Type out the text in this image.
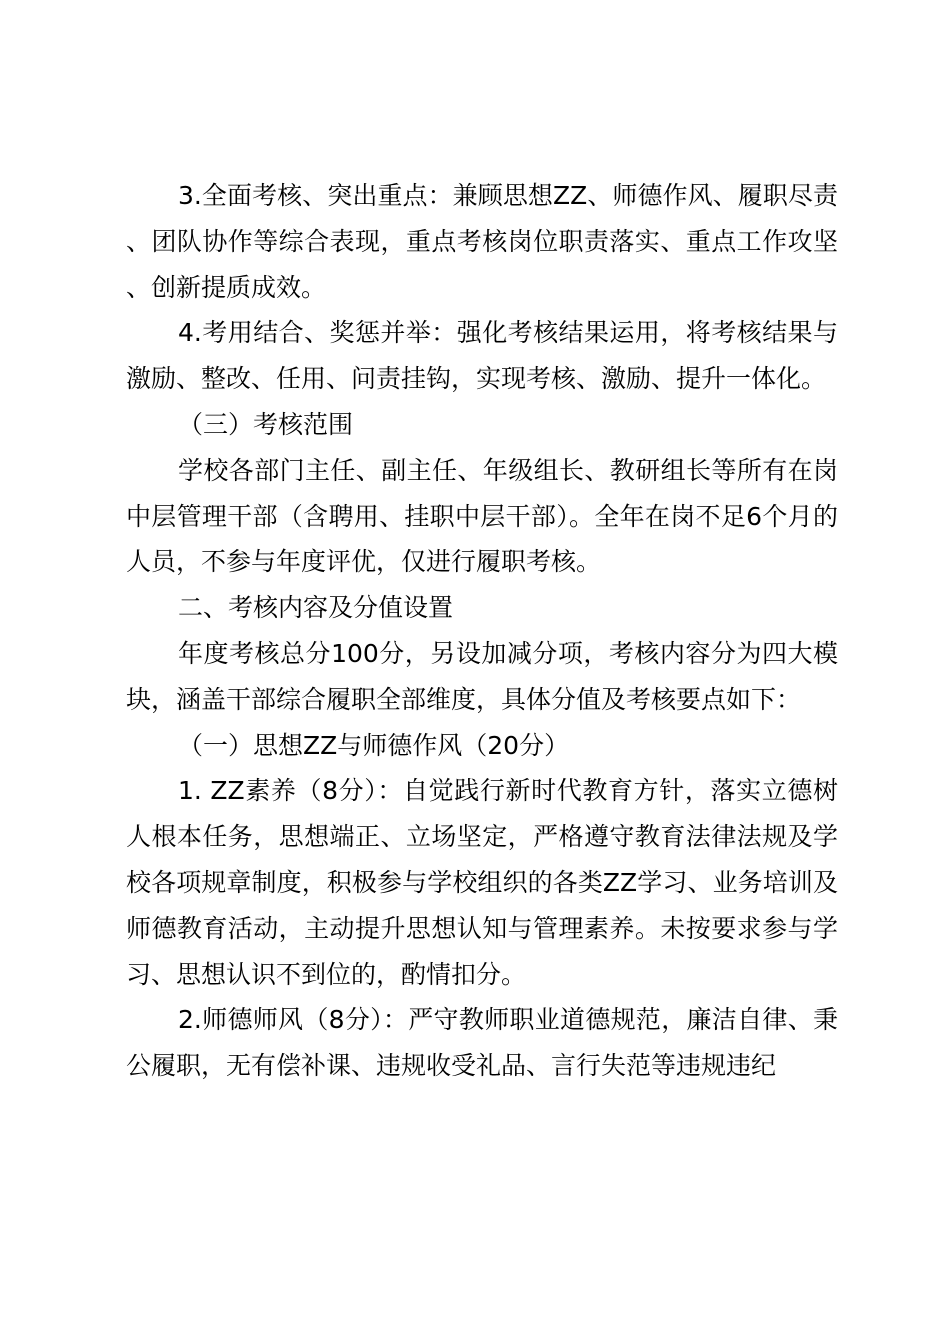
3.全面考核、突出重点：兼顾思想ZZ、师德作风、履职尽责、团队协作等综合表现，重点考核岗位职责落实、重点工作攻坚、创新提质成效。

4.考用结合、奖惩并举：强化考核结果运用，将考核结果与激励、整改、任用、问责挂钩，实现考核、激励、提升一体化。

（三）考核范围

学校各部门主任、副主任、年级组长、教研组长等所有在岗中层管理干部（含聘用、挂职中层干部）。全年在岗不足6个月的人员，不参与年度评优，仅进行履职考核。

二、考核内容及分值设置

年度考核总分100分，另设加减分项，考核内容分为四大模块，涵盖干部综合履职全部维度，具体分值及考核要点如下：

（一）思想ZZ与师德作风（20分）

1. ZZ素养（8分）：自觉践行新时代教育方针，落实立德树人根本任务，思想端正、立场坚定，严格遵守教育法律法规及学校各项规章制度，积极参与学校组织的各类ZZ学习、业务培训及师德教育活动，主动提升思想认知与管理素养。未按要求参与学习、思想认识不到位的，酌情扣分。

2.师德师风（8分）：严守教师职业道德规范，廉洁自律、秉公履职，无有偿补课、违规收受礼品、言行失范等违规违纪
